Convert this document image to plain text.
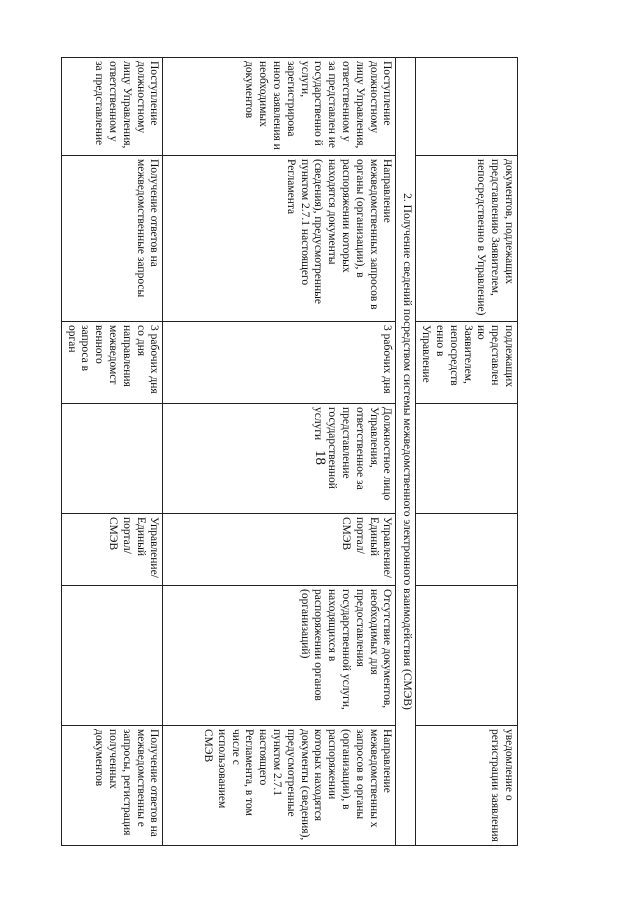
18

	документов, подлежащих представлению Заявителем, непосредственно в Управление)	подлежащих представлен ию Заявителем, непосредств енно в Управление				уведомление о регистрации заявления

2. Получение сведений посредством системы межведомственного электронного взаимодействия (СМЭВ)						

Поступление должностному лицу Управления, ответственном у за представлен ие государственно й услуги, зарегистрирова нного заявления и необходимых документов	Направление межведомственных запросов в органы (организации), в распоряжении которых находятся документы (сведения), предусмотренные пунктом 2.7.1 настоящего Регламента	3 рабочих дня	Должностное лицо Управления, ответственное за представление государственной услуги	Управление/ Единый портал/ СМЭВ	Отсутствие документов, необходимых для предоставления государственной услуги, находящихся в распоряжении органов (организаций)	Направление межведомственны х запросов в органы (организации), в распоряжении которых находятся документы (сведения), предусмотренные пунктом 2.7.1 настоящего Регламента, в том числе с использованием СМЭВ

Поступление должностному лицу Управления, ответственном у за представление	Получение ответов на межведомственные запросы	3 рабочих дня со дня направления межведомст венного запроса в орган		Управление/ Единый портал/ СМЭВ		Получение ответов на межведомственны е запросы, регистрация полученных документов
